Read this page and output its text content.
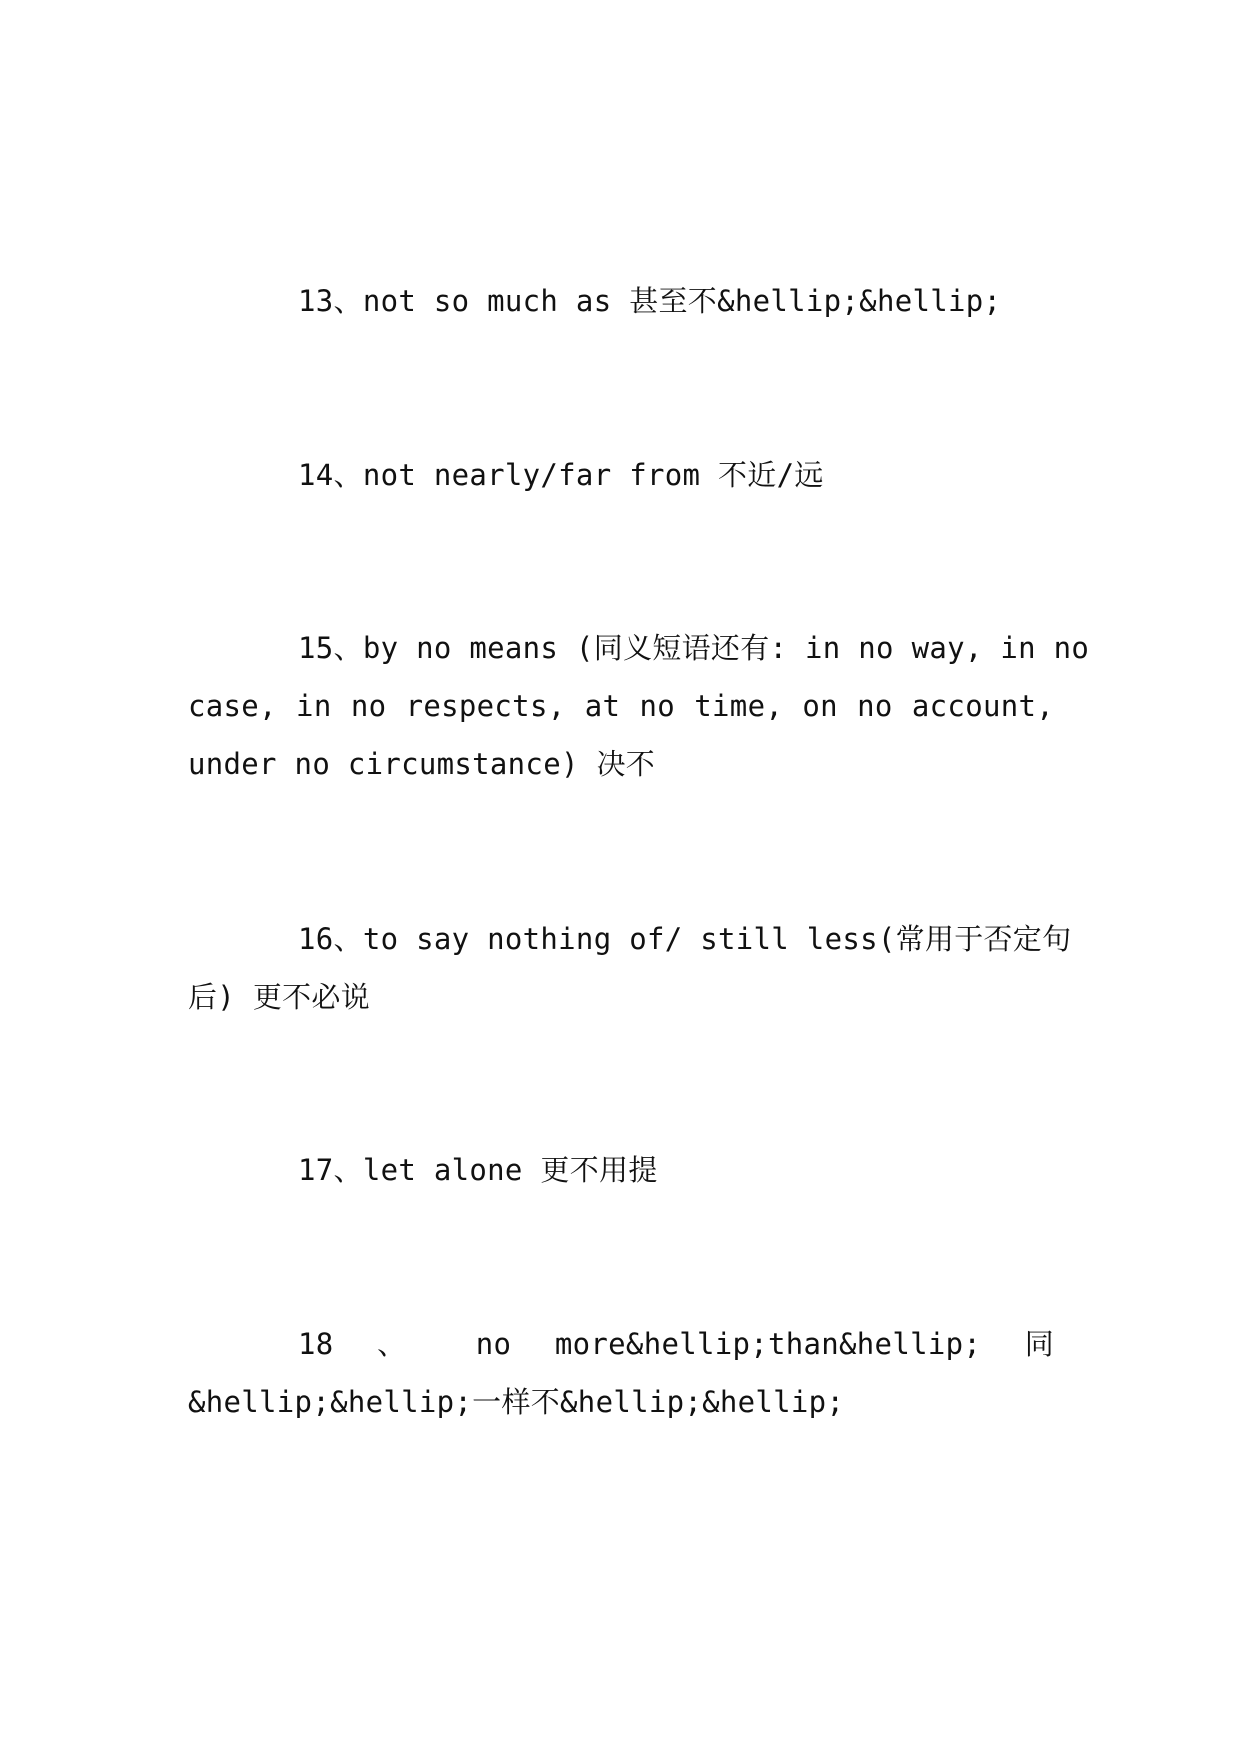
13、not so much as 甚至不&hellip;&hellip;
14、not nearly/far from 不近/远
15、by no means (同义短语还有: in no way, in no
case, in no respects, at no time, on no account,
under no circumstance) 决不
16、to say nothing of/ still less(常用于否定句
后) 更不必说
17、let alone 更不用提
18 、 no more&hellip;than&hellip; 同
&hellip;&hellip;一样不&hellip;&hellip;
